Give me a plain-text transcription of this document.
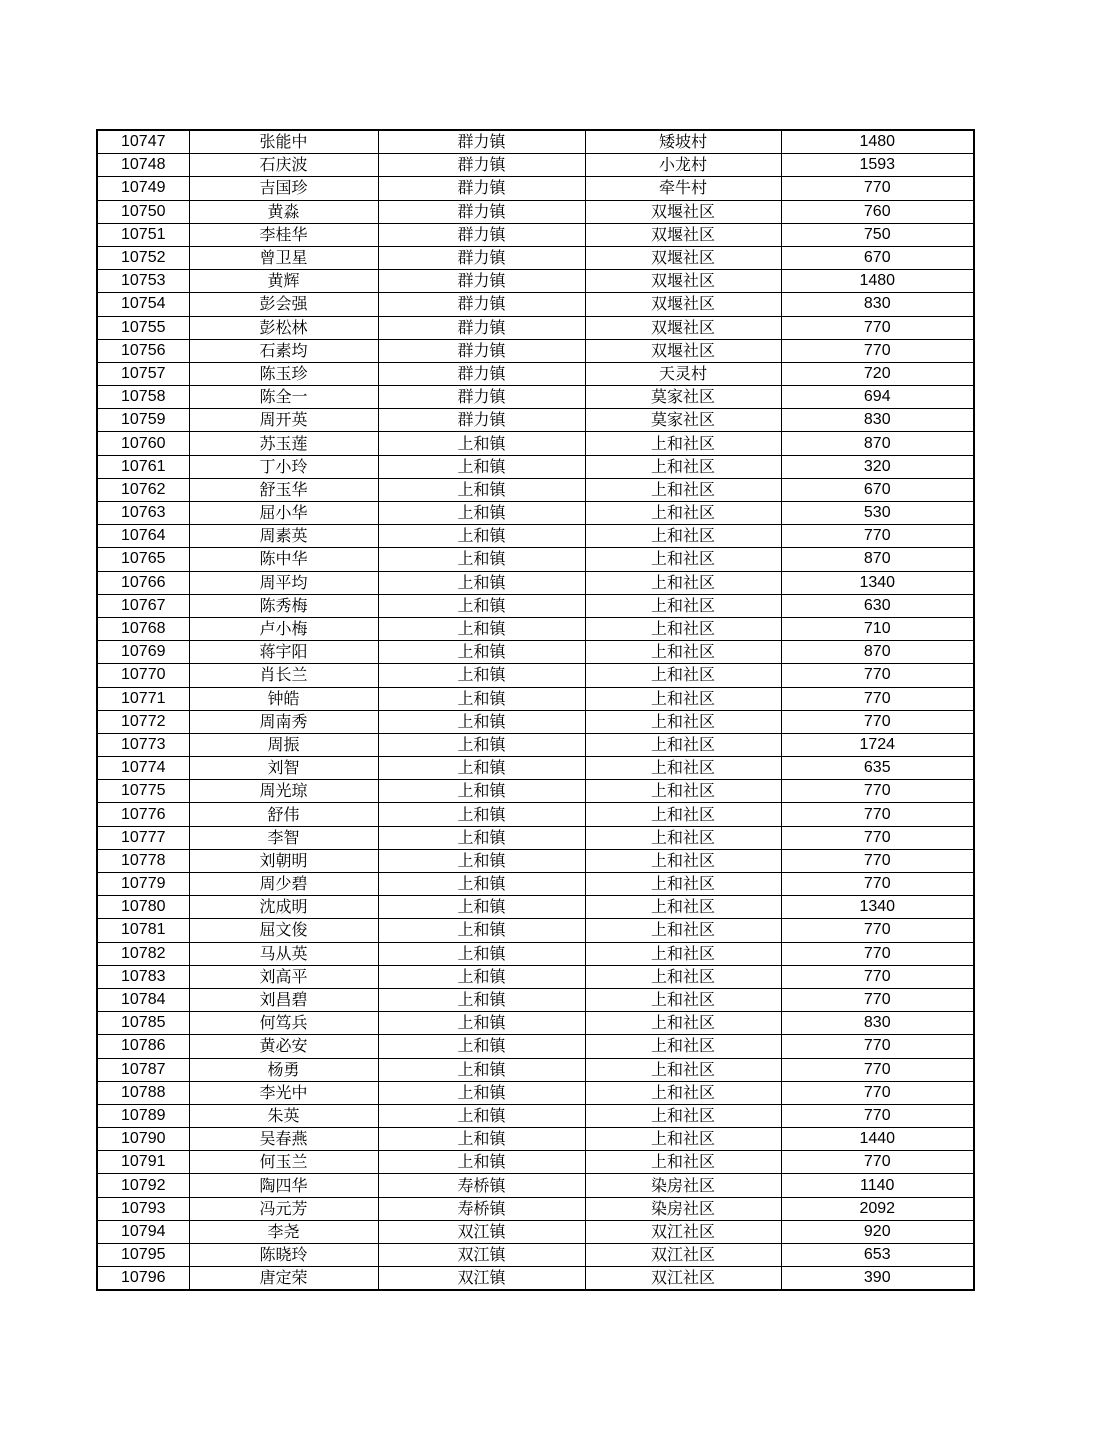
10747	张能中	群力镇	矮坡村	1480
10748	石庆波	群力镇	小龙村	1593
10749	吉国珍	群力镇	牵牛村	770
10750	黄淼	群力镇	双堰社区	760
10751	李桂华	群力镇	双堰社区	750
10752	曾卫星	群力镇	双堰社区	670
10753	黄辉	群力镇	双堰社区	1480
10754	彭会强	群力镇	双堰社区	830
10755	彭松林	群力镇	双堰社区	770
10756	石素均	群力镇	双堰社区	770
10757	陈玉珍	群力镇	天灵村	720
10758	陈全一	群力镇	莫家社区	694
10759	周开英	群力镇	莫家社区	830
10760	苏玉莲	上和镇	上和社区	870
10761	丁小玲	上和镇	上和社区	320
10762	舒玉华	上和镇	上和社区	670
10763	屈小华	上和镇	上和社区	530
10764	周素英	上和镇	上和社区	770
10765	陈中华	上和镇	上和社区	870
10766	周平均	上和镇	上和社区	1340
10767	陈秀梅	上和镇	上和社区	630
10768	卢小梅	上和镇	上和社区	710
10769	蒋宇阳	上和镇	上和社区	870
10770	肖长兰	上和镇	上和社区	770
10771	钟皓	上和镇	上和社区	770
10772	周南秀	上和镇	上和社区	770
10773	周振	上和镇	上和社区	1724
10774	刘智	上和镇	上和社区	635
10775	周光琼	上和镇	上和社区	770
10776	舒伟	上和镇	上和社区	770
10777	李智	上和镇	上和社区	770
10778	刘朝明	上和镇	上和社区	770
10779	周少碧	上和镇	上和社区	770
10780	沈成明	上和镇	上和社区	1340
10781	屈文俊	上和镇	上和社区	770
10782	马从英	上和镇	上和社区	770
10783	刘高平	上和镇	上和社区	770
10784	刘昌碧	上和镇	上和社区	770
10785	何笃兵	上和镇	上和社区	830
10786	黄必安	上和镇	上和社区	770
10787	杨勇	上和镇	上和社区	770
10788	李光中	上和镇	上和社区	770
10789	朱英	上和镇	上和社区	770
10790	吴春燕	上和镇	上和社区	1440
10791	何玉兰	上和镇	上和社区	770
10792	陶四华	寿桥镇	染房社区	1140
10793	冯元芳	寿桥镇	染房社区	2092
10794	李尧	双江镇	双江社区	920
10795	陈晓玲	双江镇	双江社区	653
10796	唐定荣	双江镇	双江社区	390
